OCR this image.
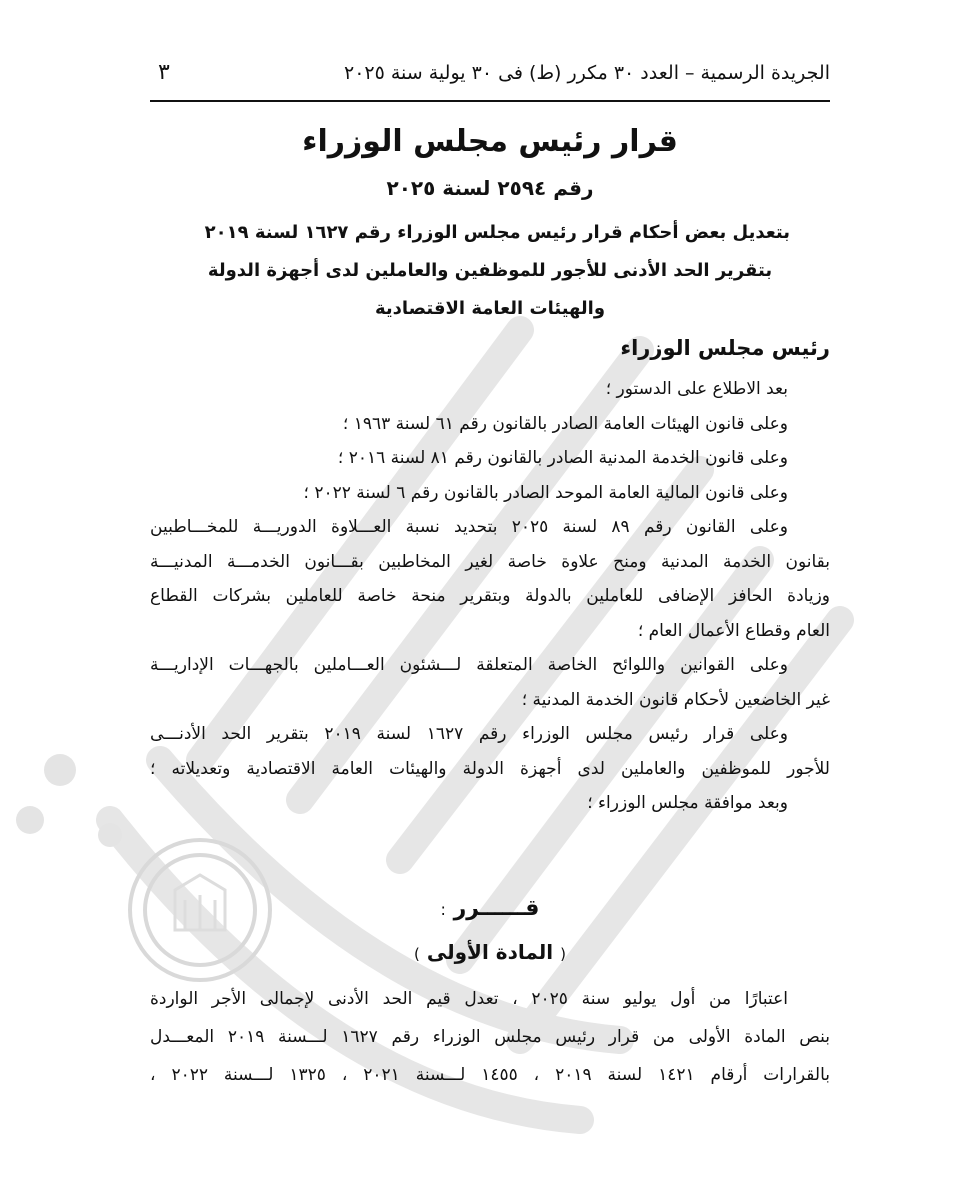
الجريدة الرسمية – العدد ٣٠ مكرر (ط) فى ٣٠ يولية سنة ٢٠٢٥
٣
قرار رئيس مجلس الوزراء
رقم ٢٥٩٤ لسنة ٢٠٢٥
بتعديل بعض أحكام قرار رئيس مجلس الوزراء رقم ١٦٢٧ لسنة ٢٠١٩
بتقرير الحد الأدنى للأجور للموظفين والعاملين لدى أجهزة الدولة
والهيئات العامة الاقتصادية
رئيس مجلس الوزراء
بعد الاطلاع على الدستور ؛
وعلى قانون الهيئات العامة الصادر بالقانون رقم ٦١ لسنة ١٩٦٣ ؛
وعلى قانون الخدمة المدنية الصادر بالقانون رقم ٨١ لسنة ٢٠١٦ ؛
وعلى قانون المالية العامة الموحد الصادر بالقانون رقم ٦ لسنة ٢٠٢٢ ؛
وعلى القانون رقم ٨٩ لسنة ٢٠٢٥ بتحديد نسبة العـــلاوة الدوريـــة للمخـــاطبين
بقانون الخدمة المدنية ومنح علاوة خاصة لغير المخاطبين بقـــانون الخدمـــة المدنيـــة
وزيادة الحافز الإضافى للعاملين بالدولة وبتقرير منحة خاصة للعاملين بشركات القطاع
العام وقطاع الأعمال العام ؛
وعلى القوانين واللوائح الخاصة المتعلقة لـــشئون العـــاملين بالجهـــات الإداريـــة
غير الخاضعين لأحكام قانون الخدمة المدنية ؛
وعلى قرار رئيس مجلس الوزراء رقم ١٦٢٧ لسنة ٢٠١٩ بتقرير الحد الأدنـــى
للأجور للموظفين والعاملين لدى أجهزة الدولة والهيئات العامة الاقتصادية وتعديلاته ؛
وبعد موافقة مجلس الوزراء ؛
قــــــرر :
( المادة الأولى )
اعتبارًا من أول يوليو سنة ٢٠٢٥ ، تعدل قيم الحد الأدنى لإجمالى الأجر الواردة
بنص المادة الأولى من قرار رئيس مجلس الوزراء رقم ١٦٢٧ لـــسنة ٢٠١٩ المعـــدل
بالقرارات أرقام ١٤٢١ لسنة ٢٠١٩ ، ١٤٥٥ لـــسنة ٢٠٢١ ، ١٣٢٥ لـــسنة ٢٠٢٢ ،
